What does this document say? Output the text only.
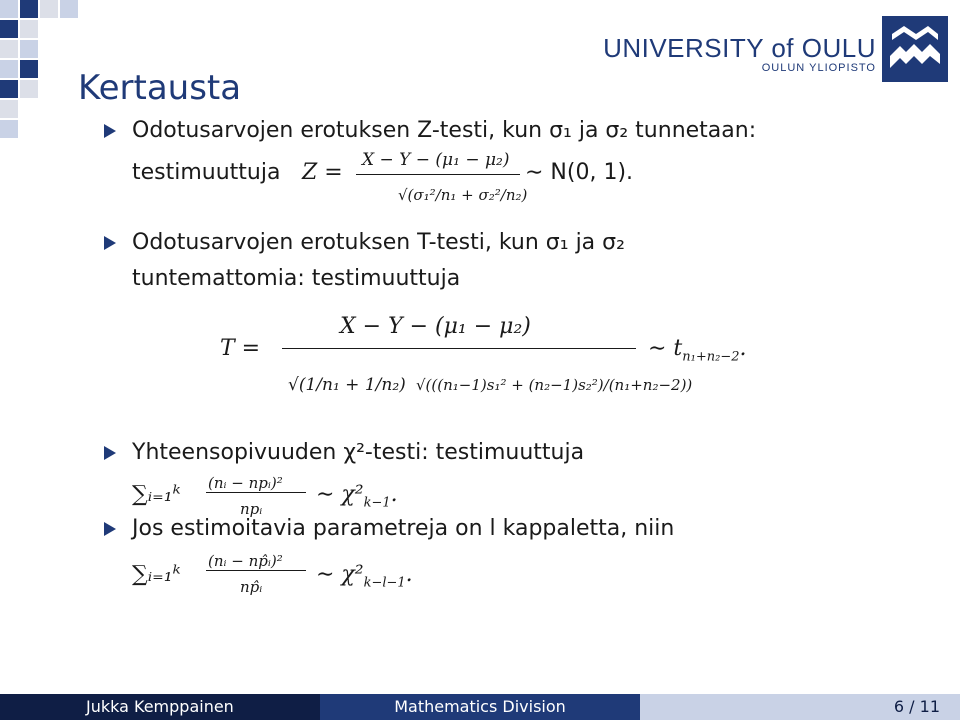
UNIVERSITY of OULU
OULUN YLIOPISTO
Kertausta
Odotusarvojen erotuksen Z-testi, kun σ₁ ja σ₂ tunnetaan:
testimuuttuja Z = X − Y − (μ₁ − μ₂)
√(σ₁²/n₁ + σ₂²/n₂)
∼ N(0, 1).
Odotusarvojen erotuksen T-testi, kun σ₁ ja σ₂
tuntemattomia: testimuuttuja
T =
X − Y − (μ₁ − μ₂)
√(1/n₁ + 1/n₂) √(((n₁−1)s₁² + (n₂−1)s₂²)/(n₁+n₂−2))
∼ $t_{n_1+n_2-2}$.
Yhteensopivuuden χ²-testi: testimuuttuja
∑ᵢ₌₁ᵏ (nᵢ − npᵢ)²
npᵢ
∼ $\chi^2_{k-1}$.
Jos estimoitavia parametreja on l kappaletta, niin
∑ᵢ₌₁ᵏ
(nᵢ − np̂ᵢ)²
np̂ᵢ ∼ $\chi^2_{k-l-1}$.
Jukka Kemppainen	Mathematics Division	6 / 11
